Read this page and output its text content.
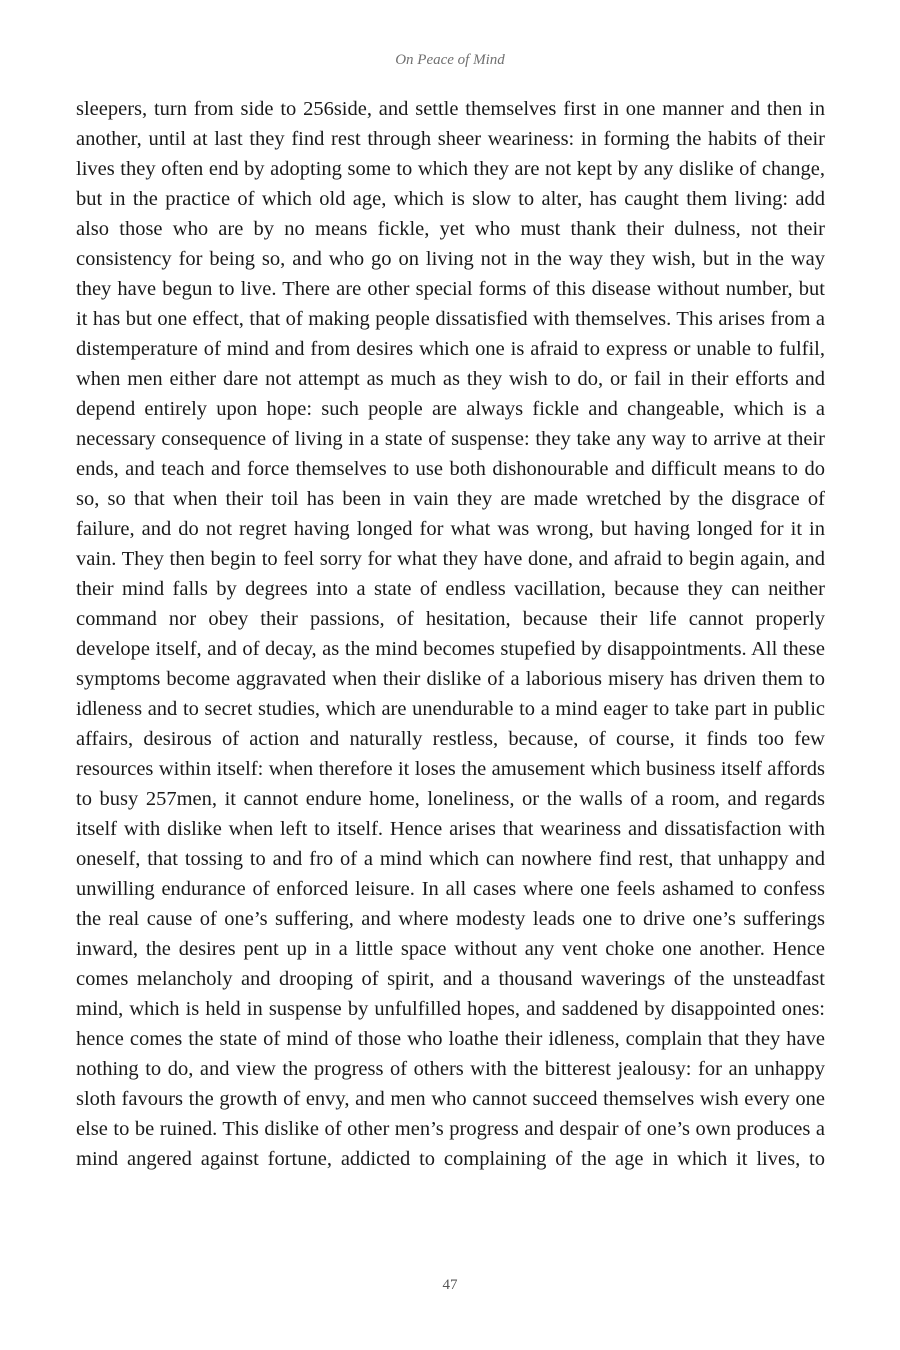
On Peace of Mind

sleepers, turn from side to 256side, and settle themselves first in one manner and then in another, until at last they find rest through sheer weariness: in forming the habits of their lives they often end by adopting some to which they are not kept by any dislike of change, but in the practice of which old age, which is slow to alter, has caught them living: add also those who are by no means fickle, yet who must thank their dulness, not their consistency for being so, and who go on living not in the way they wish, but in the way they have begun to live. There are other special forms of this disease without number, but it has but one effect, that of making people dissatisfied with themselves. This arises from a distemperature of mind and from desires which one is afraid to express or unable to fulfil, when men either dare not attempt as much as they wish to do, or fail in their efforts and depend entirely upon hope: such people are always fickle and changeable, which is a necessary consequence of living in a state of suspense: they take any way to arrive at their ends, and teach and force themselves to use both dishonourable and difficult means to do so, so that when their toil has been in vain they are made wretched by the disgrace of failure, and do not regret having longed for what was wrong, but having longed for it in vain. They then begin to feel sorry for what they have done, and afraid to begin again, and their mind falls by degrees into a state of endless vacillation, because they can neither command nor obey their passions, of hesitation, because their life cannot properly develope itself, and of decay, as the mind becomes stupefied by disappointments. All these symptoms become aggravated when their dislike of a laborious misery has driven them to idleness and to secret studies, which are unendurable to a mind eager to take part in public affairs, desirous of action and naturally restless, because, of course, it finds too few resources within itself: when therefore it loses the amusement which business itself affords to busy 257men, it cannot endure home, loneliness, or the walls of a room, and regards itself with dislike when left to itself. Hence arises that weariness and dissatisfaction with oneself, that tossing to and fro of a mind which can nowhere find rest, that unhappy and unwilling endurance of enforced leisure. In all cases where one feels ashamed to confess the real cause of one’s suffering, and where modesty leads one to drive one’s sufferings inward, the desires pent up in a little space without any vent choke one another. Hence comes melancholy and drooping of spirit, and a thousand waverings of the unsteadfast mind, which is held in suspense by unfulfilled hopes, and saddened by disappointed ones: hence comes the state of mind of those who loathe their idleness, complain that they have nothing to do, and view the progress of others with the bitterest jealousy: for an unhappy sloth favours the growth of envy, and men who cannot succeed themselves wish every one else to be ruined. This dislike of other men’s progress and despair of one’s own produces a mind angered against fortune, addicted to complaining of the age in which it lives, to

47
